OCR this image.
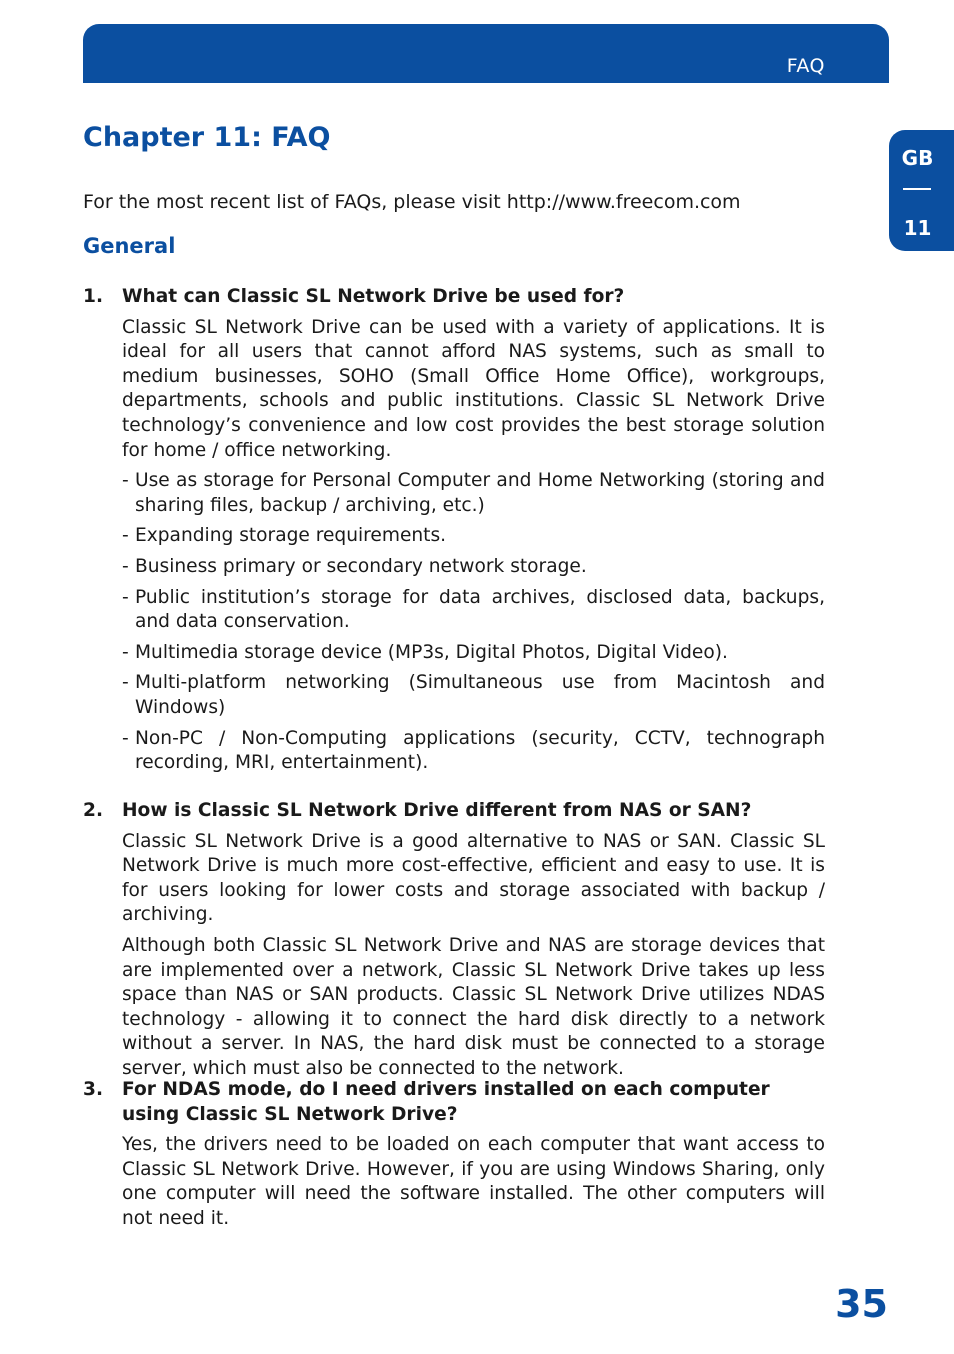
FAQ
GB
11
Chapter 11: FAQ

For the most recent list of FAQs, please visit http://www.freecom.com

General
1. What can Classic SL Network Drive be used for?

Classic SL Network Drive can be used with a variety of applications. It is ideal for all users that cannot afford NAS systems, such as small to medium businesses, SOHO (Small Office Home Office), workgroups, departments, schools and public institutions. Classic SL Network Drive technology’s convenience and low cost provides the best storage solution for home / office networking.

- Use as storage for Personal Computer and Home Networking (storing and sharing files, backup / archiving, etc.)
- Expanding storage requirements.
- Business primary or secondary network storage.
- Public institution’s storage for data archives, disclosed data, backups, and data conservation.
- Multimedia storage device (MP3s, Digital Photos, Digital Video).
- Multi-platform networking (Simultaneous use from Macintosh and Windows)
- Non-PC / Non-Computing applications (security, CCTV, technograph recording, MRI, entertainment).
2. How is Classic SL Network Drive different from NAS or SAN?

Classic SL Network Drive is a good alternative to NAS or SAN. Classic SL Network Drive is much more cost-effective, efficient and easy to use. It is for users looking for lower costs and storage associated with backup / archiving.

Although both Classic SL Network Drive and NAS are storage devices that are implemented over a network, Classic SL Network Drive takes up less space than NAS or SAN products. Classic SL Network Drive utilizes NDAS technology - allowing it to connect the hard disk directly to a network without a server. In NAS, the hard disk must be connected to a storage server, which must also be connected to the network.

3. For NDAS mode, do I need drivers installed on each computer using Classic SL Network Drive?

Yes, the drivers need to be loaded on each computer that want access to Classic SL Network Drive. However, if you are using Windows Sharing, only one computer will need the software installed. The other computers will not need it.

35
